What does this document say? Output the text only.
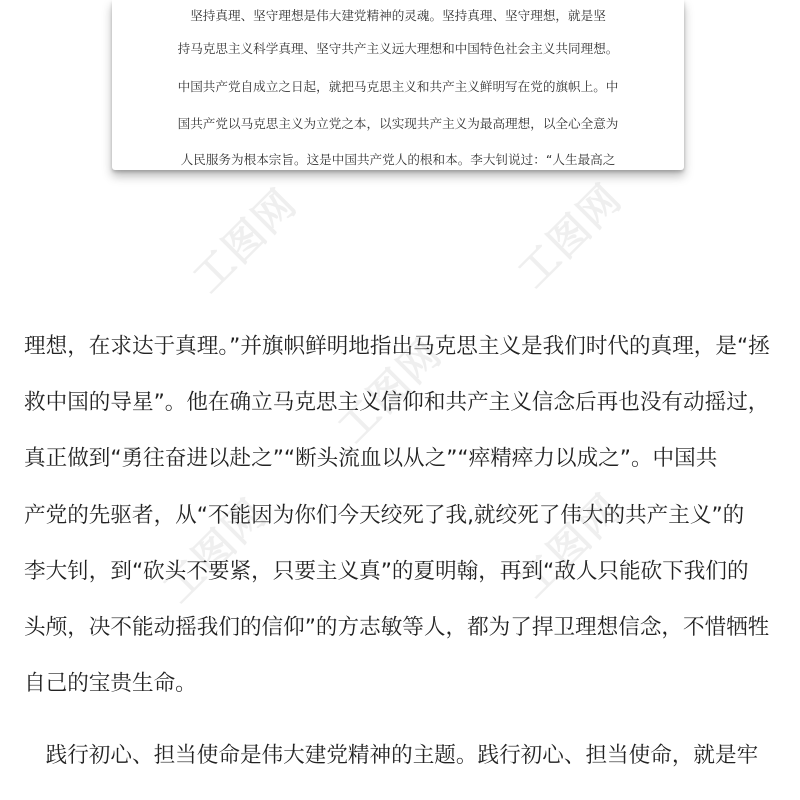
坚持真理、坚守理想是伟大建党精神的灵魂。坚持真理、坚守理想，就是坚
持马克思主义科学真理、坚守共产主义远大理想和中国特色社会主义共同理想。
中国共产党自成立之日起，就把马克思主义和共产主义鲜明写在党的旗帜上。中
国共产党以马克思主义为立党之本，以实现共产主义为最高理想，以全心全意为
人民服务为根本宗旨。这是中国共产党人的根和本。李大钊说过：“人生最高之
工图网	工图网
工图网
工图网	工图网
理想，在求达于真理。”并旗帜鲜明地指出马克思主义是我们时代的真理，是“拯
救中国的导星”。他在确立马克思主义信仰和共产主义信念后再也没有动摇过，
真正做到“勇往奋进以赴之”“断头流血以从之”“瘁精瘁力以成之”。中国共
产党的先驱者，从“不能因为你们今天绞死了我,就绞死了伟大的共产主义”的
李大钊，到“砍头不要紧，只要主义真”的夏明翰，再到“敌人只能砍下我们的
头颅，决不能动摇我们的信仰”的方志敏等人，都为了捍卫理想信念，不惜牺牲
自己的宝贵生命。
　践行初心、担当使命是伟大建党精神的主题。践行初心、担当使命，就是牢
